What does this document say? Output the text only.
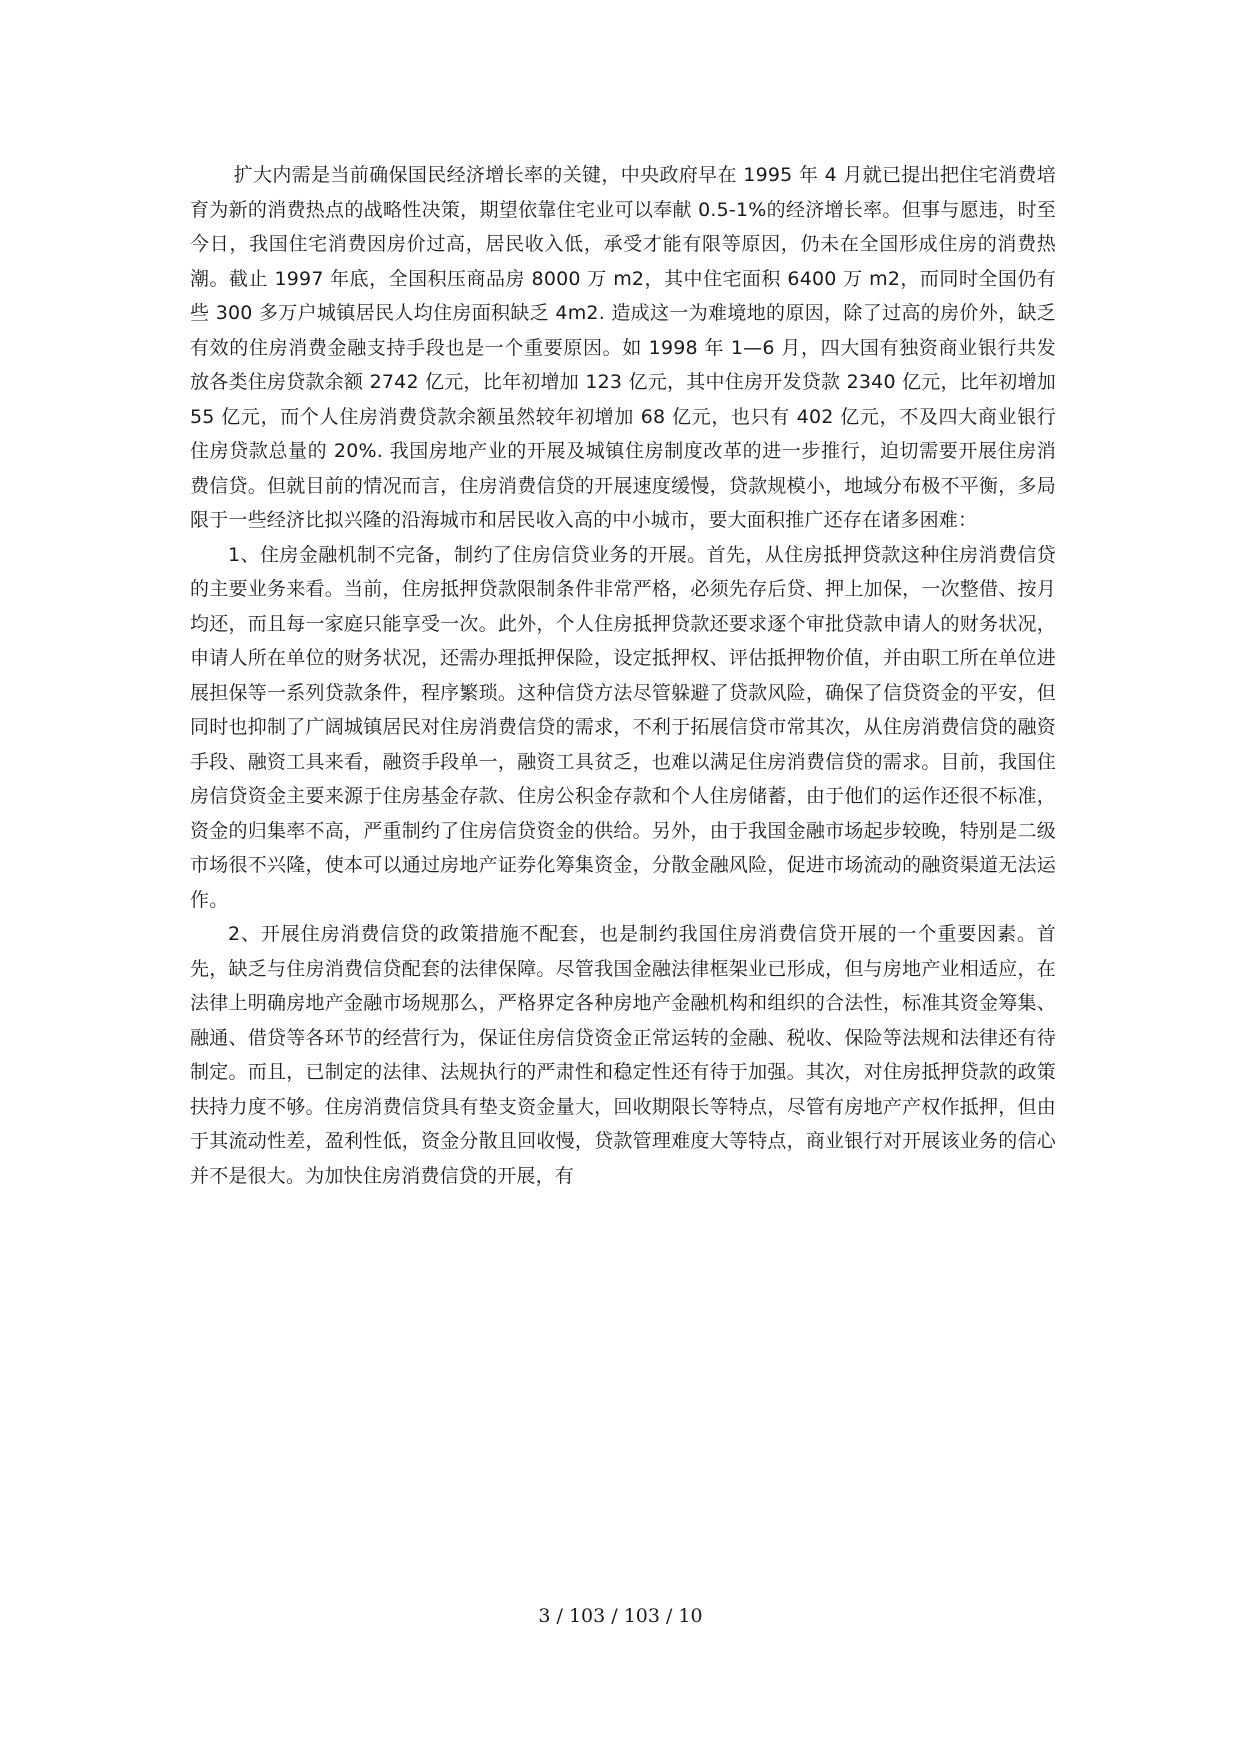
扩大内需是当前确保国民经济增长率的关键，中央政府早在 1995 年 4 月就已提出把住宅消费培育为新的消费热点的战略性决策，期望依靠住宅业可以奉献 0.5-1%的经济增长率。但事与愿违，时至今日，我国住宅消费因房价过高，居民收入低，承受才能有限等原因，仍未在全国形成住房的消费热潮。截止 1997 年底，全国积压商品房 8000 万 m2，其中住宅面积 6400 万 m2，而同时全国仍有些 300 多万户城镇居民人均住房面积缺乏 4m2. 造成这一为难境地的原因，除了过高的房价外，缺乏有效的住房消费金融支持手段也是一个重要原因。如 1998 年 1—6 月，四大国有独资商业银行共发放各类住房贷款余额 2742 亿元，比年初增加 123 亿元，其中住房开发贷款 2340 亿元，比年初增加 55 亿元，而个人住房消费贷款余额虽然较年初增加 68 亿元，也只有 402 亿元，不及四大商业银行住房贷款总量的 20%. 我国房地产业的开展及城镇住房制度改革的进一步推行，迫切需要开展住房消费信贷。但就目前的情况而言，住房消费信贷的开展速度缓慢，贷款规模小，地域分布极不平衡，多局限于一些经济比拟兴隆的沿海城市和居民收入高的中小城市，要大面积推广还存在诸多困难：

1、住房金融机制不完备，制约了住房信贷业务的开展。首先，从住房抵押贷款这种住房消费信贷的主要业务来看。当前，住房抵押贷款限制条件非常严格，必须先存后贷、押上加保，一次整借、按月均还，而且每一家庭只能享受一次。此外，个人住房抵押贷款还要求逐个审批贷款申请人的财务状况，申请人所在单位的财务状况，还需办理抵押保险，设定抵押权、评估抵押物价值，并由职工所在单位进展担保等一系列贷款条件，程序繁琐。这种信贷方法尽管躲避了贷款风险，确保了信贷资金的平安，但同时也抑制了广阔城镇居民对住房消费信贷的需求，不利于拓展信贷市常其次，从住房消费信贷的融资手段、融资工具来看，融资手段单一，融资工具贫乏，也难以满足住房消费信贷的需求。目前，我国住房信贷资金主要来源于住房基金存款、住房公积金存款和个人住房储蓄，由于他们的运作还很不标准，资金的归集率不高，严重制约了住房信贷资金的供给。另外，由于我国金融市场起步较晚，特别是二级市场很不兴隆，使本可以通过房地产证券化筹集资金，分散金融风险，促进市场流动的融资渠道无法运作。

2、开展住房消费信贷的政策措施不配套，也是制约我国住房消费信贷开展的一个重要因素。首先，缺乏与住房消费信贷配套的法律保障。尽管我国金融法律框架业已形成，但与房地产业相适应，在法律上明确房地产金融市场规那么，严格界定各种房地产金融机构和组织的合法性，标准其资金筹集、融通、借贷等各环节的经营行为，保证住房信贷资金正常运转的金融、税收、保险等法规和法律还有待制定。而且，已制定的法律、法规执行的严肃性和稳定性还有待于加强。其次，对住房抵押贷款的政策扶持力度不够。住房消费信贷具有垫支资金量大，回收期限长等特点，尽管有房地产产权作抵押，但由于其流动性差，盈利性低，资金分散且回收慢，贷款管理难度大等特点，商业银行对开展该业务的信心并不是很大。为加快住房消费信贷的开展，有

3 / 103 / 103 / 10
